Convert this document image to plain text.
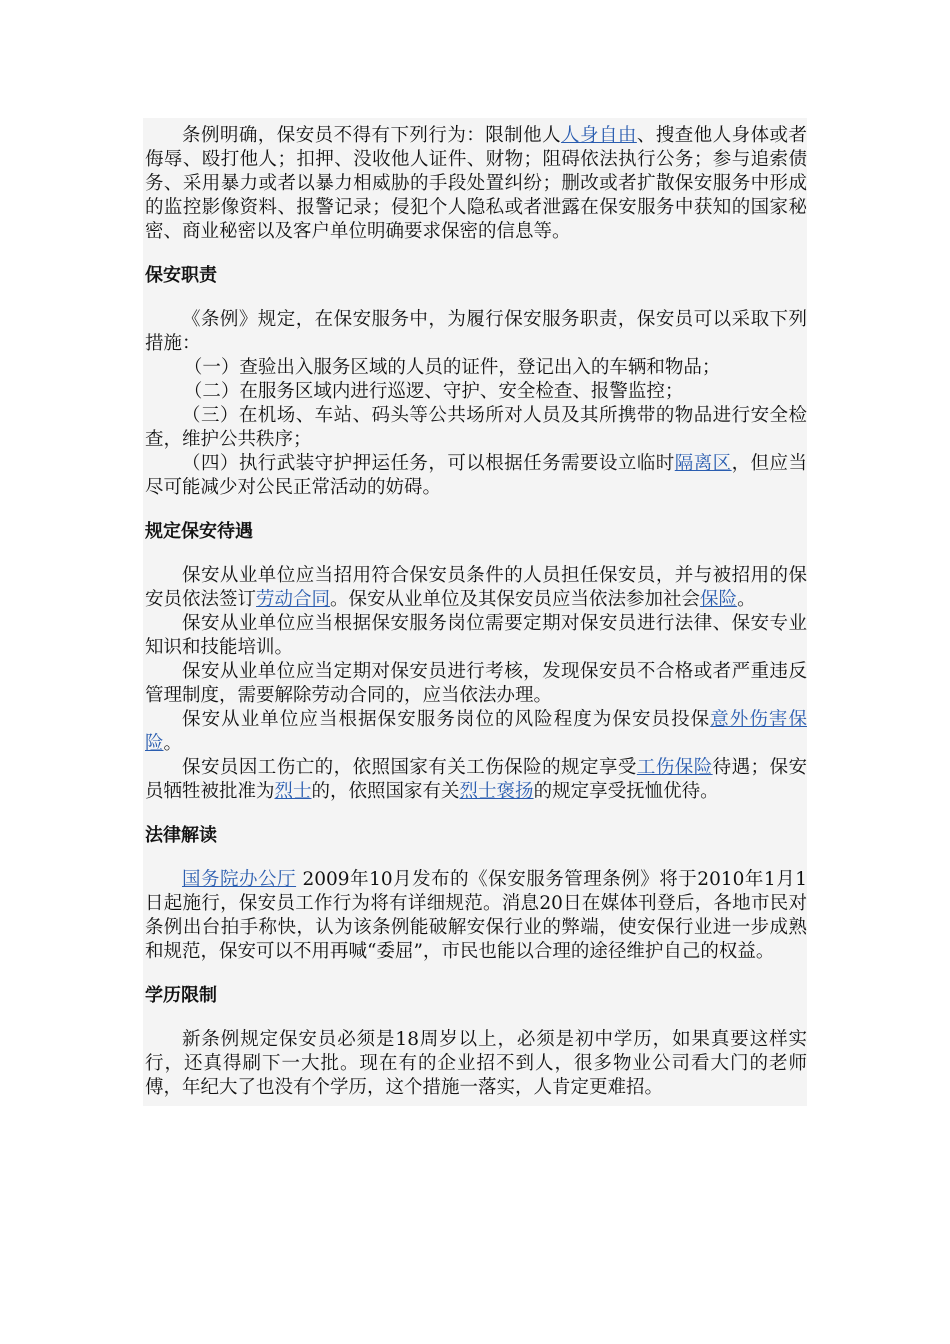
条例明确，保安员不得有下列行为：限制他人人身自由、搜查他人身体或者侮辱、殴打他人；扣押、没收他人证件、财物；阻碍依法执行公务；参与追索债务、采用暴力或者以暴力相威胁的手段处置纠纷；删改或者扩散保安服务中形成的监控影像资料、报警记录；侵犯个人隐私或者泄露在保安服务中获知的国家秘密、商业秘密以及客户单位明确要求保密的信息等。

保安职责

《条例》规定，在保安服务中，为履行保安服务职责，保安员可以采取下列措施：

（一）查验出入服务区域的人员的证件，登记出入的车辆和物品；

（二）在服务区域内进行巡逻、守护、安全检查、报警监控；

（三）在机场、车站、码头等公共场所对人员及其所携带的物品进行安全检查，维护公共秩序；

（四）执行武装守护押运任务，可以根据任务需要设立临时隔离区，但应当尽可能减少对公民正常活动的妨碍。

规定保安待遇

保安从业单位应当招用符合保安员条件的人员担任保安员，并与被招用的保安员依法签订劳动合同。保安从业单位及其保安员应当依法参加社会保险。

保安从业单位应当根据保安服务岗位需要定期对保安员进行法律、保安专业知识和技能培训。

保安从业单位应当定期对保安员进行考核，发现保安员不合格或者严重违反管理制度，需要解除劳动合同的，应当依法办理。

保安从业单位应当根据保安服务岗位的风险程度为保安员投保意外伤害保险。

保安员因工伤亡的，依照国家有关工伤保险的规定享受工伤保险待遇；保安员牺牲被批准为烈士的，依照国家有关烈士褒扬的规定享受抚恤优待。

法律解读

国务院办公厅 2009年10月发布的《保安服务管理条例》将于2010年1月1日起施行，保安员工作行为将有详细规范。消息20日在媒体刊登后，各地市民对条例出台拍手称快，认为该条例能破解安保行业的弊端，使安保行业进一步成熟和规范，保安可以不用再喊“委屈”，市民也能以合理的途径维护自己的权益。

学历限制

新条例规定保安员必须是18周岁以上，必须是初中学历，如果真要这样实行，还真得刷下一大批。现在有的企业招不到人，很多物业公司看大门的老师傅，年纪大了也没有个学历，这个措施一落实，人肯定更难招。
